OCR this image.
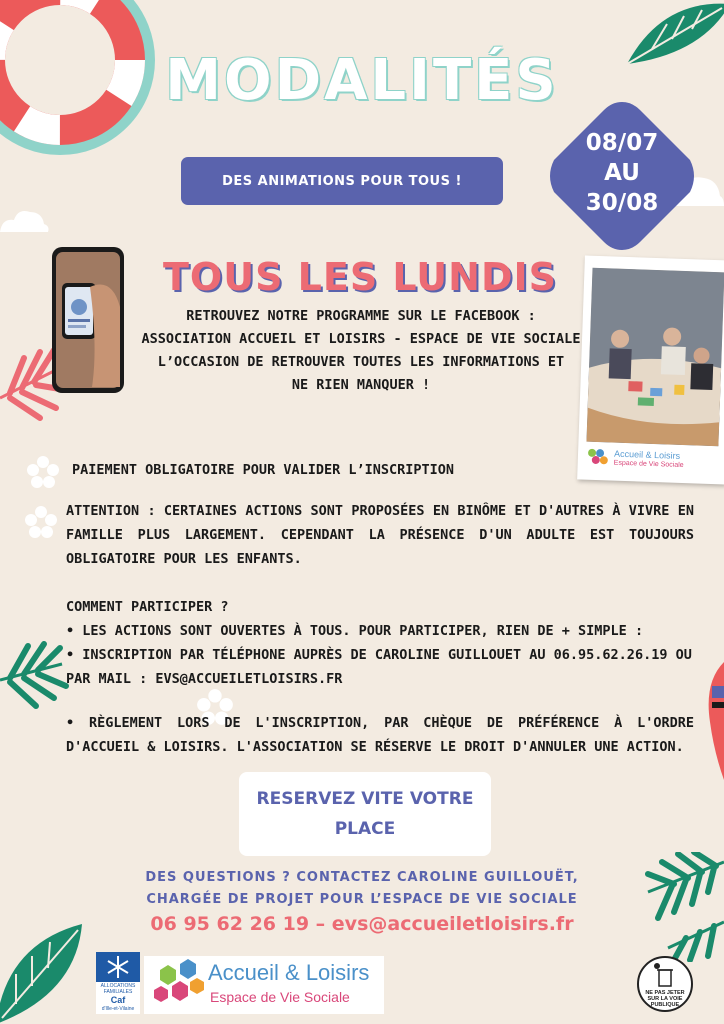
MODALITÉS
DES ANIMATIONS POUR TOUS !
08/07
AU
30/08
TOUS LES LUNDIS
RETROUVEZ NOTRE PROGRAMME SUR LE FACEBOOK :
ASSOCIATION ACCUEIL ET LOISIRS - ESPACE DE VIE SOCIALE
L’OCCASION DE RETROUVER TOUTES LES INFORMATIONS ET
NE RIEN MANQUER !
Accueil & Loisirs
Espace de Vie Sociale
PAIEMENT OBLIGATOIRE POUR VALIDER L’INSCRIPTION
ATTENTION : CERTAINES ACTIONS SONT PROPOSÉES EN BINÔME ET D'AUTRES À VIVRE EN FAMILLE PLUS LARGEMENT. CEPENDANT LA PRÉSENCE D'UN ADULTE EST TOUJOURS OBLIGATOIRE POUR LES ENFANTS.
COMMENT PARTICIPER ?
• LES ACTIONS SONT OUVERTES À TOUS. POUR PARTICIPER, RIEN DE + SIMPLE :
• INSCRIPTION PAR TÉLÉPHONE AUPRÈS DE CAROLINE GUILLOUET AU 06.95.62.26.19 OU PAR MAIL : EVS@ACCUEILETLOISIRS.FR
• RÈGLEMENT LORS DE L'INSCRIPTION, PAR CHÈQUE DE PRÉFÉRENCE À L'ORDRE D'ACCUEIL & LOISIRS. L'ASSOCIATION SE RÉSERVE LE DROIT D'ANNULER UNE ACTION.
RESERVEZ VITE VOTRE
PLACE
DES QUESTIONS ? CONTACTEZ CAROLINE GUILLOUËT,
CHARGÉE DE PROJET POUR L’ESPACE DE VIE SOCIALE
06 95 62 26 19 – evs@accueiletloisirs.fr
ALLOCATIONS
FAMILIALES
Caf
d'Ille-et-Vilaine
Accueil & Loisirs
Espace de Vie Sociale	NE PAS JETER
SUR LA VOIE
PUBLIQUE
